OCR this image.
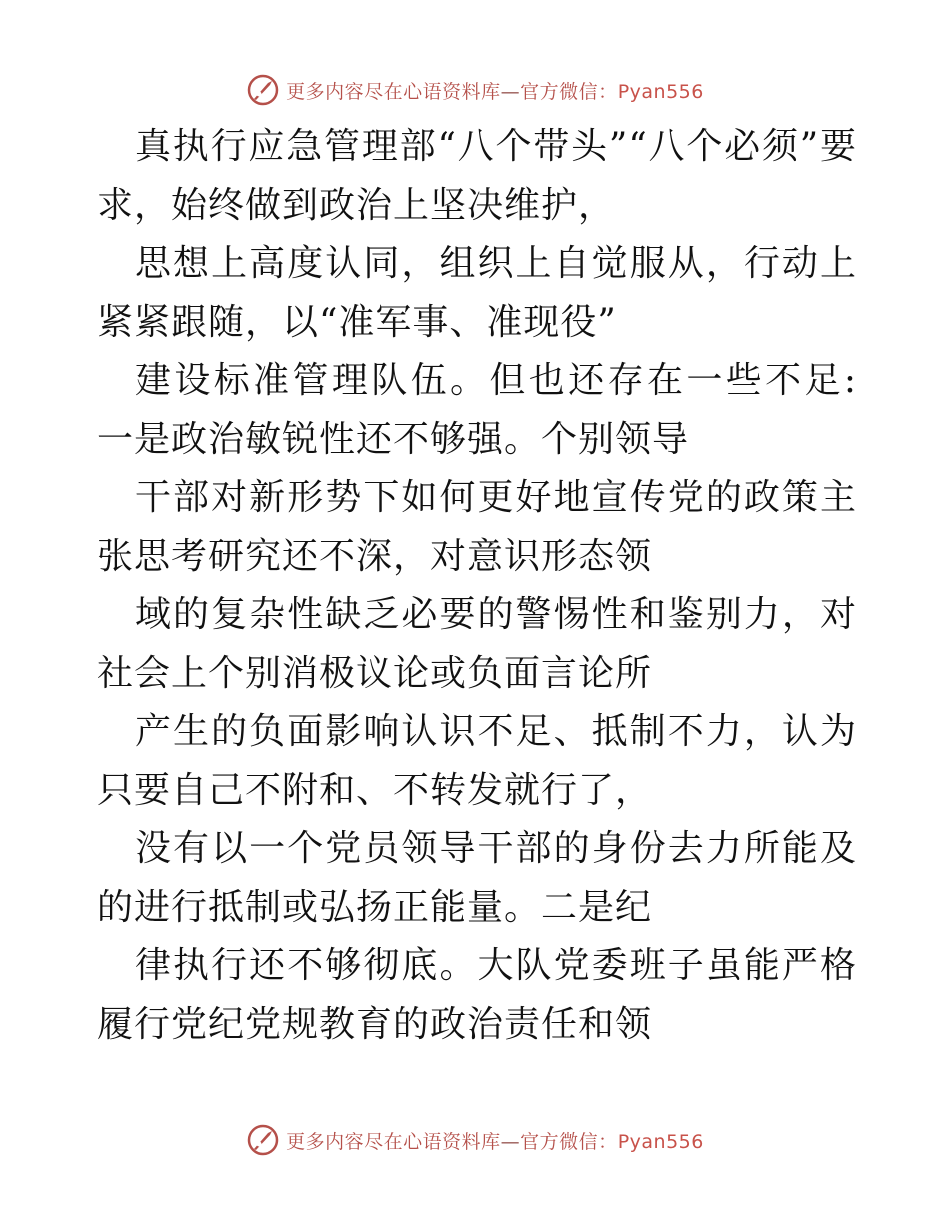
更多内容尽在心语资料库—官方微信：Pyan556

真执行应急管理部“八个带头”“八个必须”要求，始终做到政治上坚决维护，

思想上高度认同，组织上自觉服从，行动上紧紧跟随，以“准军事、准现役”

建设标准管理队伍。但也还存在一些不足: 一是政治敏锐性还不够强。个别领导

干部对新形势下如何更好地宣传党的政策主张思考研究还不深，对意识形态领

域的复杂性缺乏必要的警惕性和鉴别力，对社会上个别消极议论或负面言论所

产生的负面影响认识不足、抵制不力，认为只要自己不附和、不转发就行了，

没有以一个党员领导干部的身份去力所能及的进行抵制或弘扬正能量。二是纪

律执行还不够彻底。大队党委班子虽能严格履行党纪党规教育的政治责任和领

更多内容尽在心语资料库—官方微信：Pyan556
